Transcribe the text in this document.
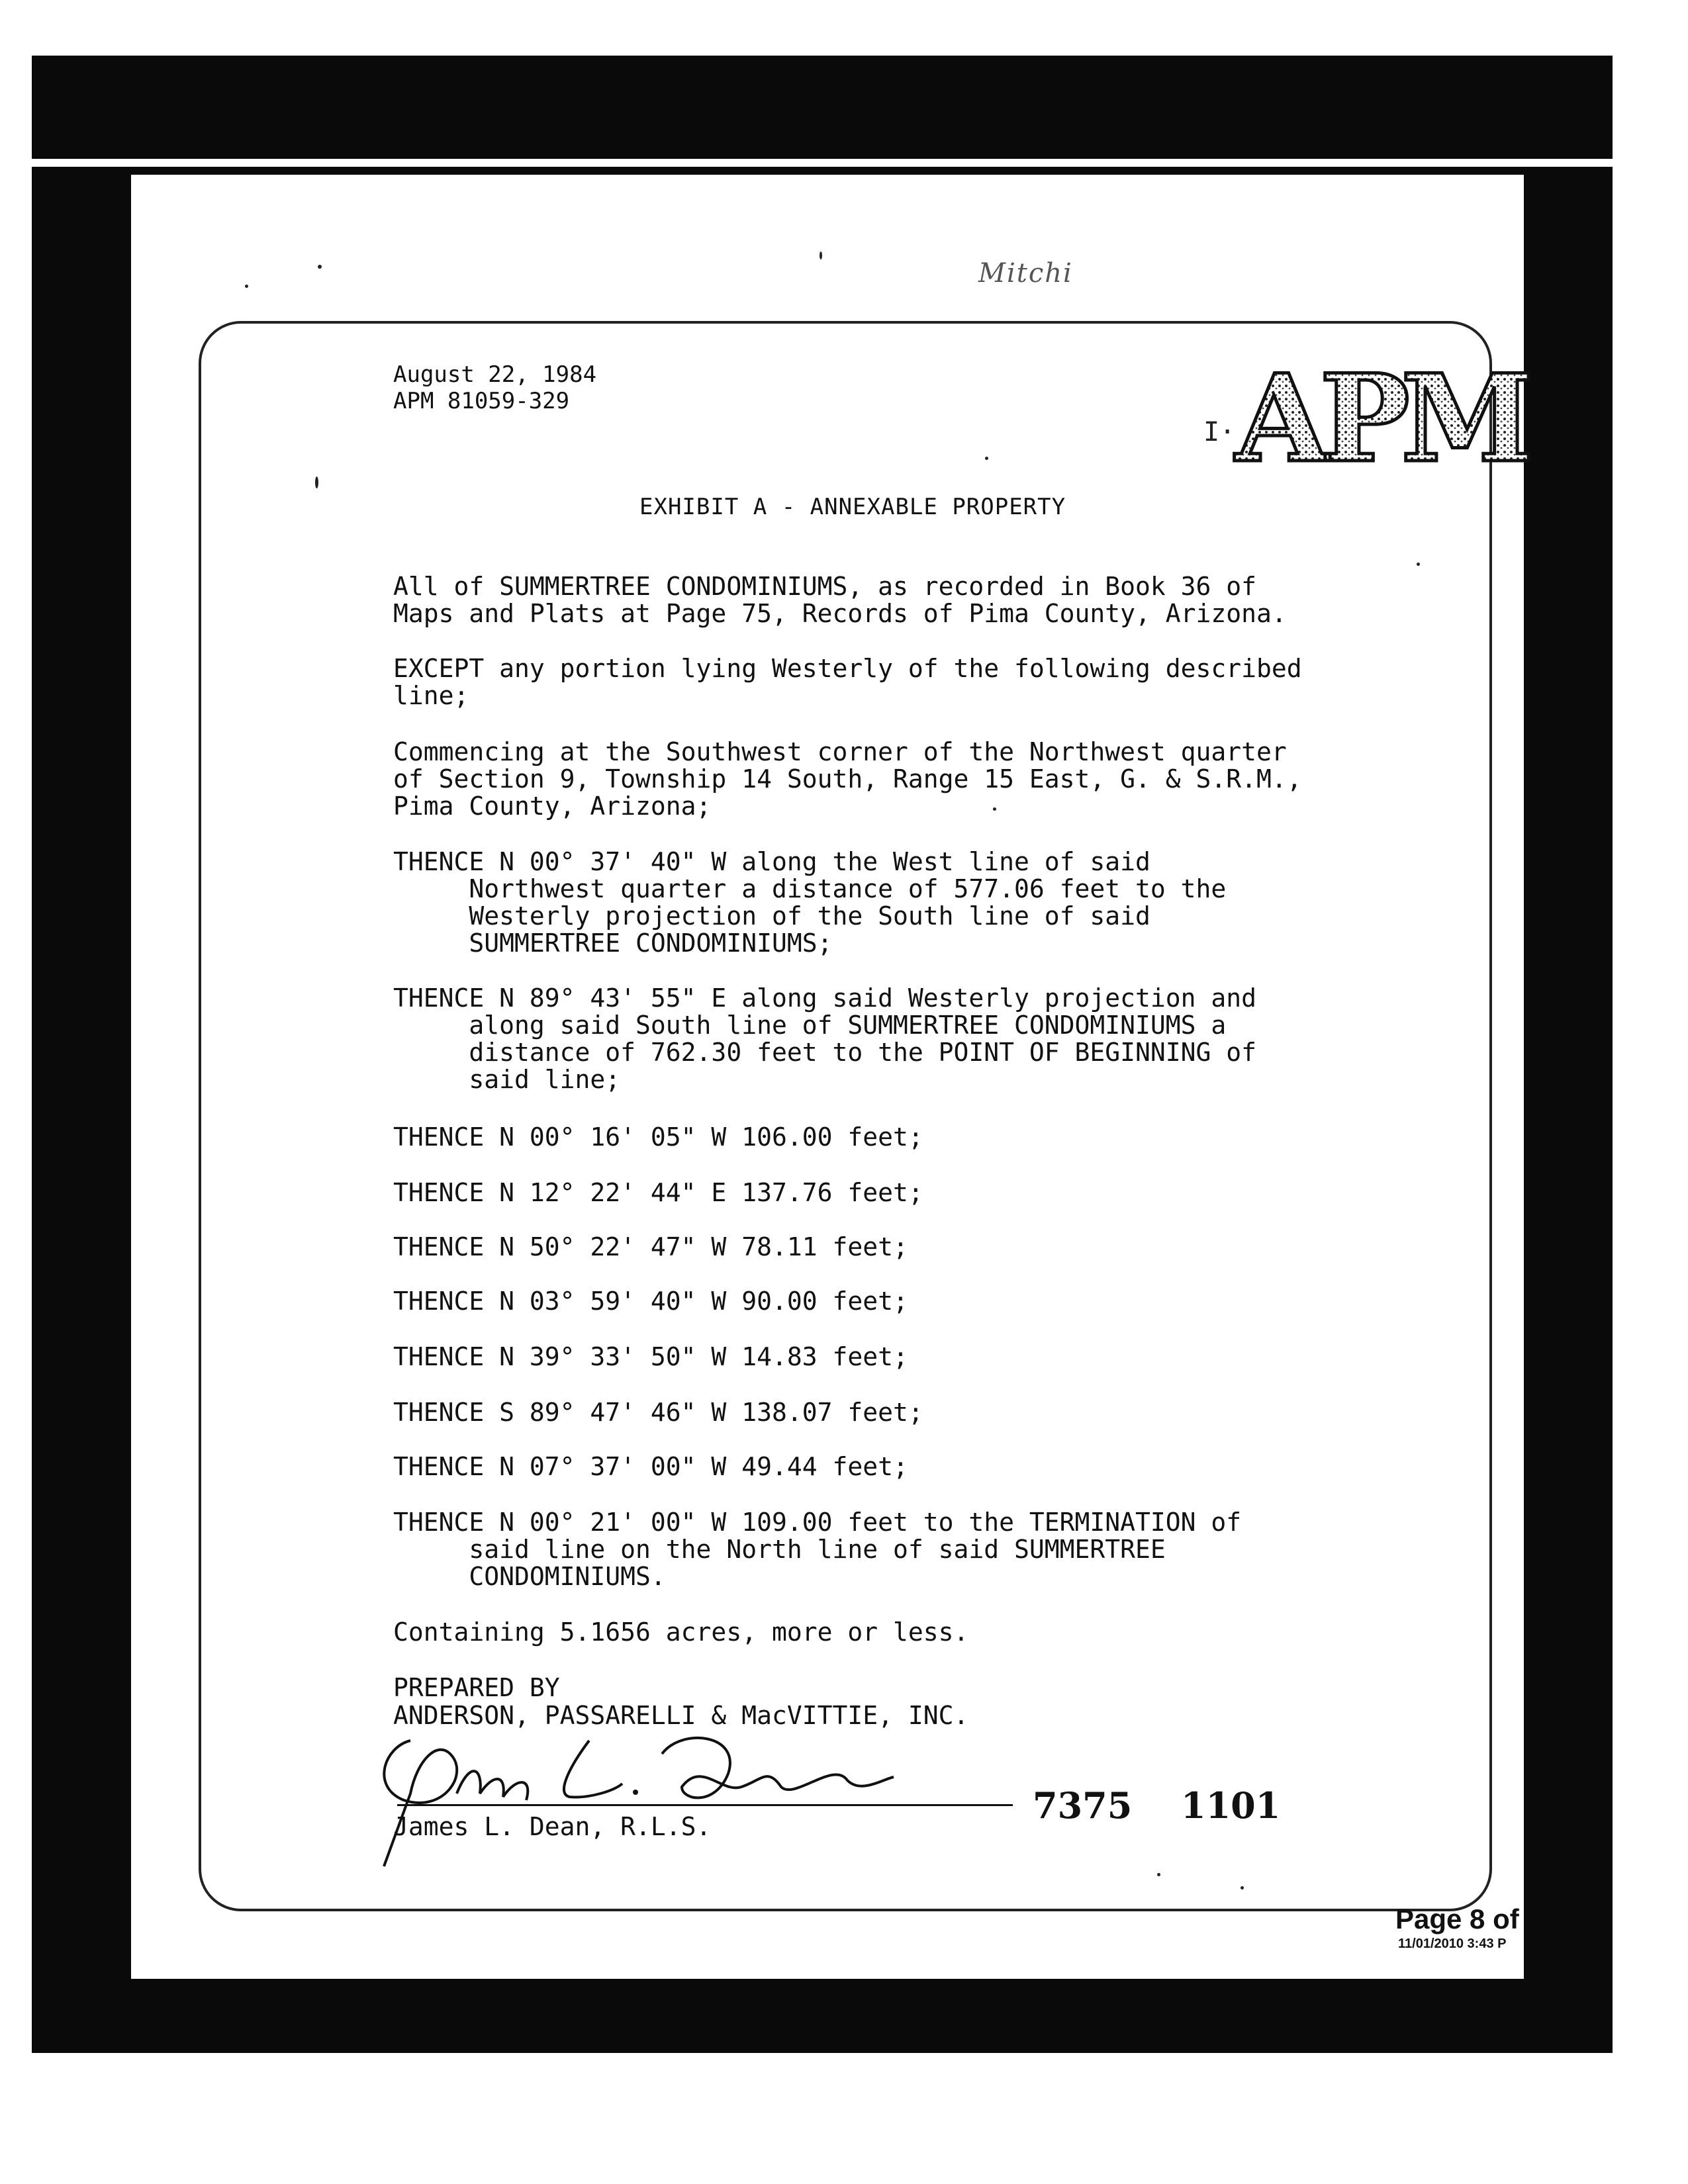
Mitchi
August 22, 1984
APM 81059-329
I· APM
EXHIBIT A - ANNEXABLE PROPERTY
All of SUMMERTREE CONDOMINIUMS, as recorded in Book 36 of
Maps and Plats at Page 75, Records of Pima County, Arizona.
EXCEPT any portion lying Westerly of the following described
line;
Commencing at the Southwest corner of the Northwest quarter
of Section 9, Township 14 South, Range 15 East, G. & S.R.M.,
Pima County, Arizona;
THENCE N 00° 37' 40" W along the West line of said
Northwest quarter a distance of 577.06 feet to the
Westerly projection of the South line of said
SUMMERTREE CONDOMINIUMS;
THENCE N 89° 43' 55" E along said Westerly projection and
along said South line of SUMMERTREE CONDOMINIUMS a
distance of 762.30 feet to the POINT OF BEGINNING of
said line;
THENCE N 00° 16' 05" W 106.00 feet;
THENCE N 12° 22' 44" E 137.76 feet;
THENCE N 50° 22' 47" W 78.11 feet;
THENCE N 03° 59' 40" W 90.00 feet;
THENCE N 39° 33' 50" W 14.83 feet;
THENCE S 89° 47' 46" W 138.07 feet;
THENCE N 07° 37' 00" W 49.44 feet;
THENCE N 00° 21' 00" W 109.00 feet to the TERMINATION of
said line on the North line of said SUMMERTREE
CONDOMINIUMS.
Containing 5.1656 acres, more or less.
PREPARED BY
ANDERSON, PASSARELLI & MacVITTIE, INC.
James L. Dean, R.L.S.	7375 1101
Page 8 of
11/01/2010 3:43 P
